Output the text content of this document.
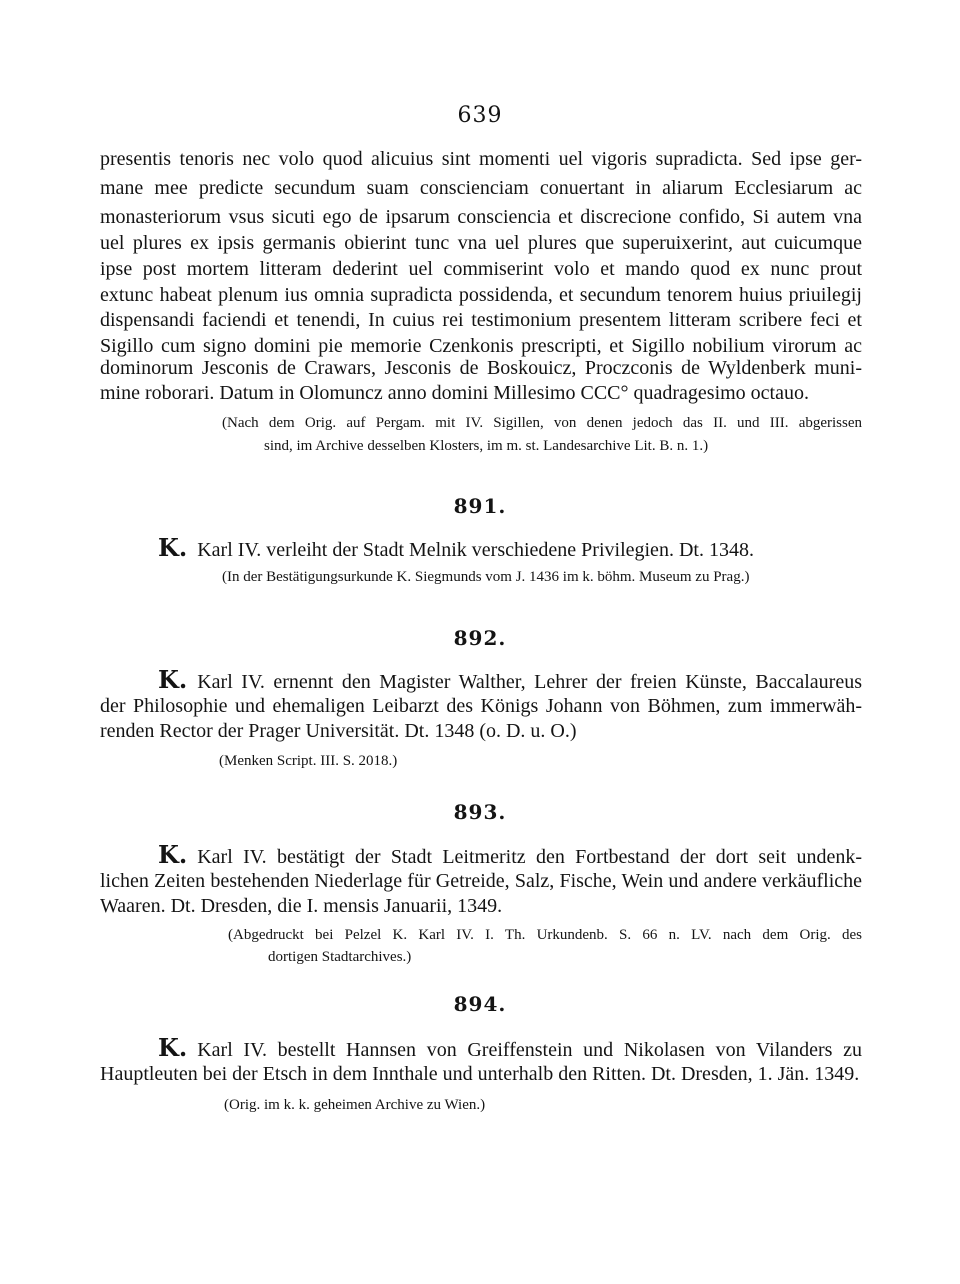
639
presentis tenoris nec volo quod alicuius sint momenti uel vigoris supradicta. Sed ipse ger-
mane mee predicte secundum suam conscienciam conuertant in aliarum Ecclesiarum ac
monasteriorum vsus sicuti ego de ipsarum consciencia et discrecione confido, Si autem vna
uel plures ex ipsis germanis obierint tunc vna uel plures que superuixerint, aut cuicumque
ipse post mortem litteram dederint uel commiserint volo et mando quod ex nunc prout
extunc habeat plenum ius omnia supradicta possidenda, et secundum tenorem huius priuilegij
dispensandi faciendi et tenendi, In cuius rei testimonium presentem litteram scribere feci et
Sigillo cum signo domini pie memorie Czenkonis prescripti, et Sigillo nobilium virorum ac
dominorum Jesconis de Crawars, Jesconis de Boskouicz, Proczconis de Wyldenberk muni-
mine roborari. Datum in Olomuncz anno domini Millesimo CCC° quadragesimo octauo.
(Nach dem Orig. auf Pergam. mit IV. Sigillen, von denen jedoch das II. und III. abgerissen
sind, im Archive desselben Klosters, im m. st. Landesarchive Lit. B. n. 1.)
891.
K. Karl IV. verleiht der Stadt Melnik verschiedene Privilegien. Dt. 1348.
(In der Bestätigungsurkunde K. Siegmunds vom J. 1436 im k. böhm. Museum zu Prag.)
892.
K. Karl IV. ernennt den Magister Walther, Lehrer der freien Künste, Baccalaureus
der Philosophie und ehemaligen Leibarzt des Königs Johann von Böhmen, zum immerwäh-
renden Rector der Prager Universität. Dt. 1348 (o. D. u. O.)
(Menken Script. III. S. 2018.)
893.
K. Karl IV. bestätigt der Stadt Leitmeritz den Fortbestand der dort seit undenk-
lichen Zeiten bestehenden Niederlage für Getreide, Salz, Fische, Wein und andere verkäufliche
Waaren. Dt. Dresden, die I. mensis Januarii, 1349.
(Abgedruckt bei Pelzel K. Karl IV. I. Th. Urkundenb. S. 66 n. LV. nach dem Orig. des
dortigen Stadtarchives.)
894.
K. Karl IV. bestellt Hannsen von Greiffenstein und Nikolasen von Vilanders zu
Hauptleuten bei der Etsch in dem Innthale und unterhalb den Ritten. Dt. Dresden, 1. Jän. 1349.
(Orig. im k. k. geheimen Archive zu Wien.)
